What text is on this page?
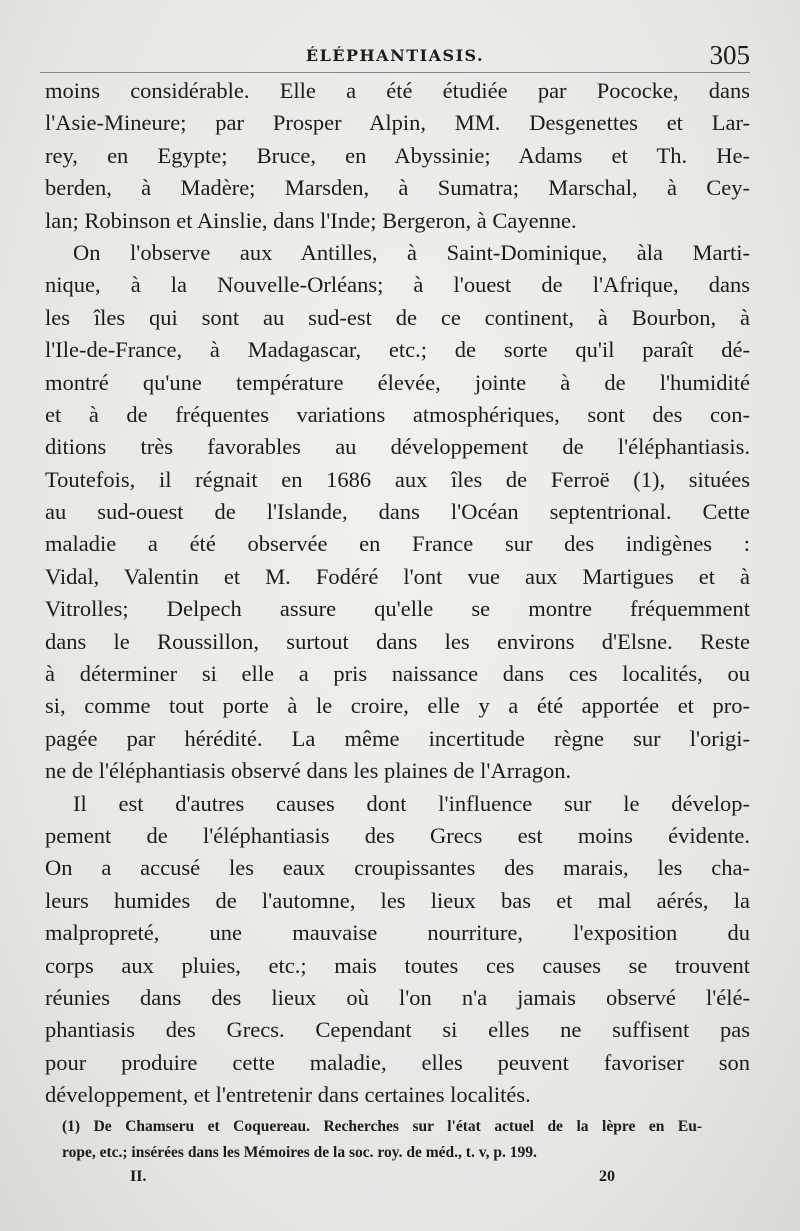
ÉLÉPHANTIASIS.	305
moins considérable. Elle a été étudiée par Pococke, dans
l'Asie-Mineure; par Prosper Alpin, MM. Desgenettes et Lar-
rey, en Egypte; Bruce, en Abyssinie; Adams et Th. He-
berden, à Madère; Marsden, à Sumatra; Marschal, à Cey-
lan; Robinson et Ainslie, dans l'Inde; Bergeron, à Cayenne.
On l'observe aux Antilles, à Saint-Dominique, àla Marti-
nique, à la Nouvelle-Orléans; à l'ouest de l'Afrique, dans
les îles qui sont au sud-est de ce continent, à Bourbon, à
l'Ile-de-France, à Madagascar, etc.; de sorte qu'il paraît dé-
montré qu'une température élevée, jointe à de l'humidité
et à de fréquentes variations atmosphériques, sont des con-
ditions très favorables au développement de l'éléphantiasis.
Toutefois, il régnait en 1686 aux îles de Ferroë (1), situées
au sud-ouest de l'Islande, dans l'Océan septentrional. Cette
maladie a été observée en France sur des indigènes :
Vidal, Valentin et M. Fodéré l'ont vue aux Martigues et à
Vitrolles; Delpech assure qu'elle se montre fréquemment
dans le Roussillon, surtout dans les environs d'Elsne. Reste
à déterminer si elle a pris naissance dans ces localités, ou
si, comme tout porte à le croire, elle y a été apportée et pro-
pagée par hérédité. La même incertitude règne sur l'origi-
ne de l'éléphantiasis observé dans les plaines de l'Arragon.
Il est d'autres causes dont l'influence sur le dévelop-
pement de l'éléphantiasis des Grecs est moins évidente.
On a accusé les eaux croupissantes des marais, les cha-
leurs humides de l'automne, les lieux bas et mal aérés, la
malpropreté, une mauvaise nourriture, l'exposition du
corps aux pluies, etc.; mais toutes ces causes se trouvent
réunies dans des lieux où l'on n'a jamais observé l'élé-
phantiasis des Grecs. Cependant si elles ne suffisent pas
pour produire cette maladie, elles peuvent favoriser son
développement, et l'entretenir dans certaines localités.
(1) De Chamseru et Coquereau. Recherches sur l'état actuel de la lèpre en Eu-
rope, etc.; insérées dans les Mémoires de la soc. roy. de méd., t. v, p. 199.
II.	20
